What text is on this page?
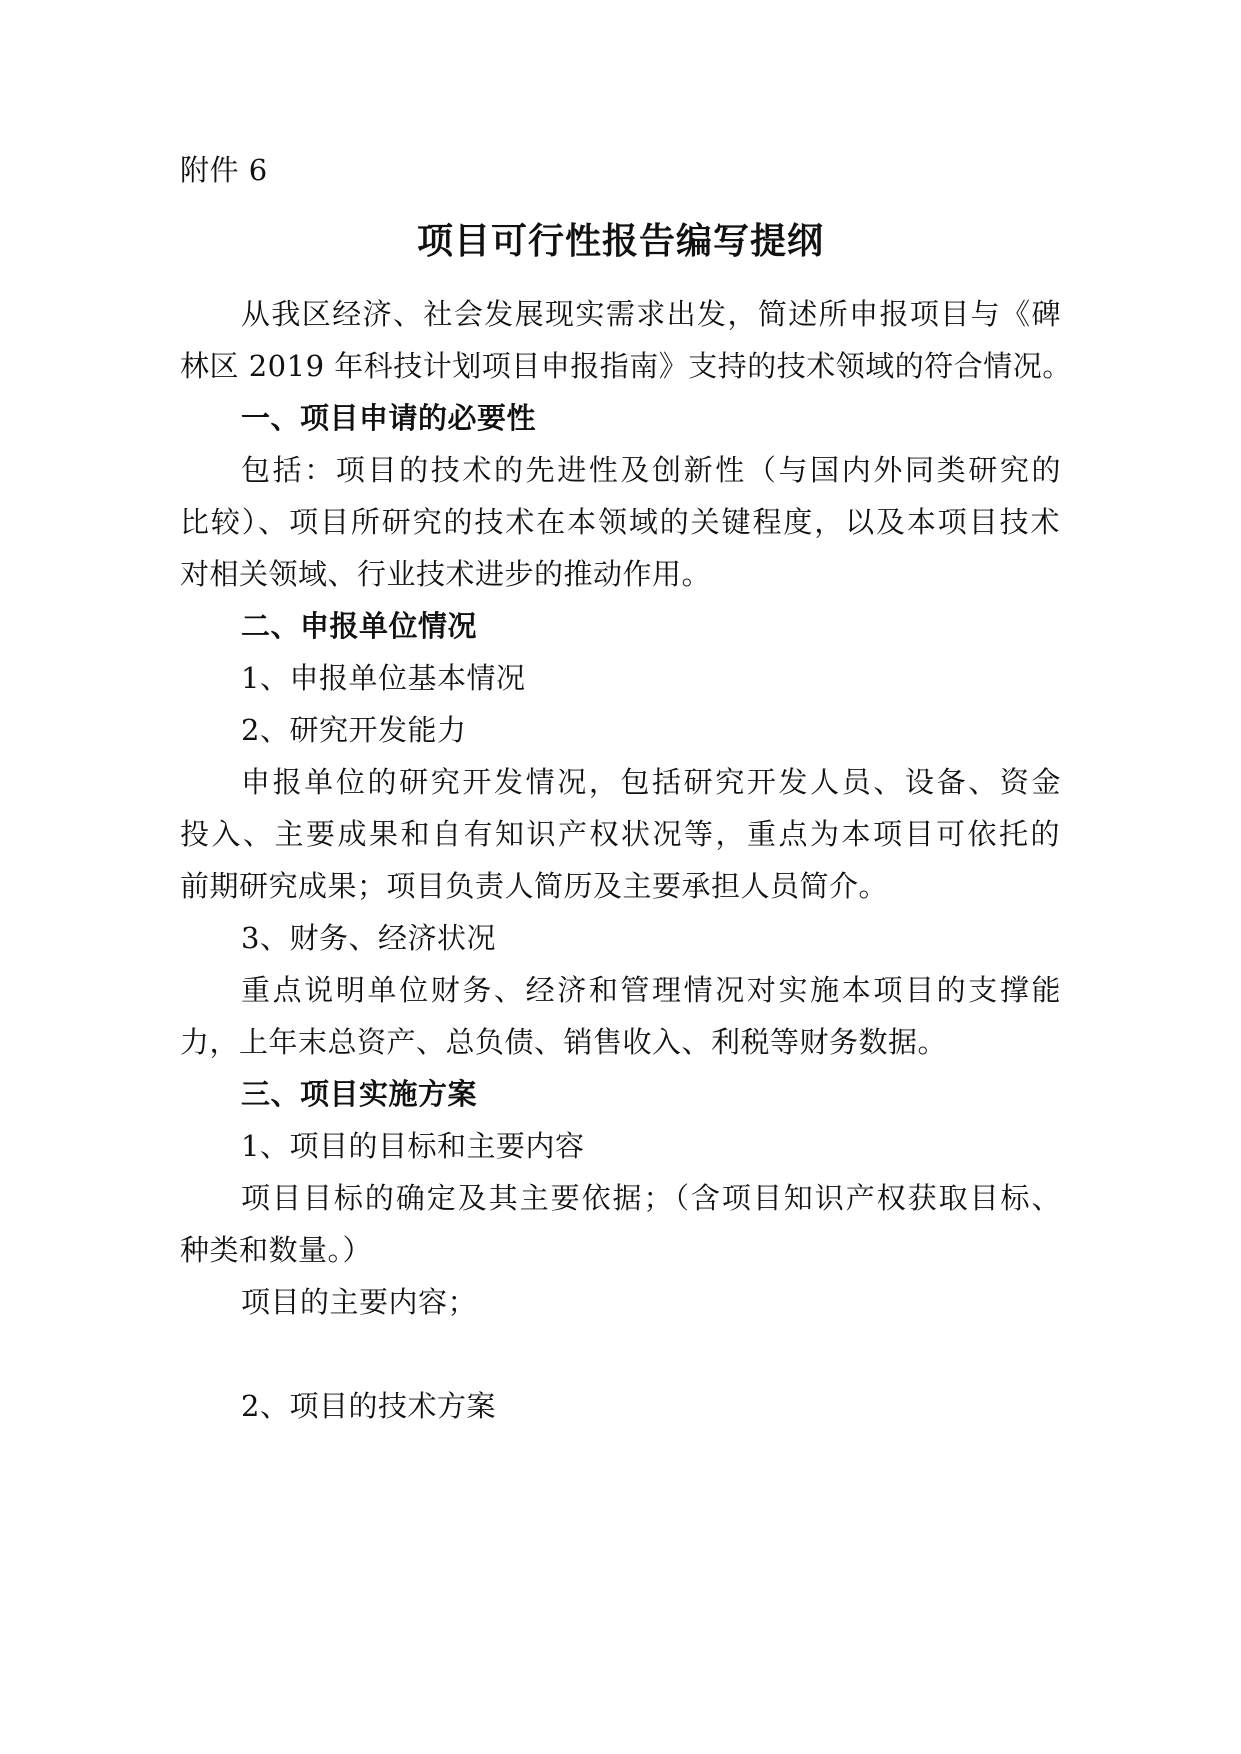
附件 6
项目可行性报告编写提纲
从我区经济、社会发展现实需求出发，简述所申报项目与《碑
林区 2019 年科技计划项目申报指南》支持的技术领域的符合情况。
一、项目申请的必要性
包括：项目的技术的先进性及创新性（与国内外同类研究的
比较）、项目所研究的技术在本领域的关键程度，以及本项目技术
对相关领域、行业技术进步的推动作用。
二、申报单位情况
1、申报单位基本情况
2、研究开发能力
申报单位的研究开发情况，包括研究开发人员、设备、资金
投入、主要成果和自有知识产权状况等，重点为本项目可依托的
前期研究成果；项目负责人简历及主要承担人员简介。
3、财务、经济状况
重点说明单位财务、经济和管理情况对实施本项目的支撑能
力，上年末总资产、总负债、销售收入、利税等财务数据。
三、项目实施方案
1、项目的目标和主要内容
项目目标的确定及其主要依据；（含项目知识产权获取目标、
种类和数量。）
项目的主要内容；
2、项目的技术方案
